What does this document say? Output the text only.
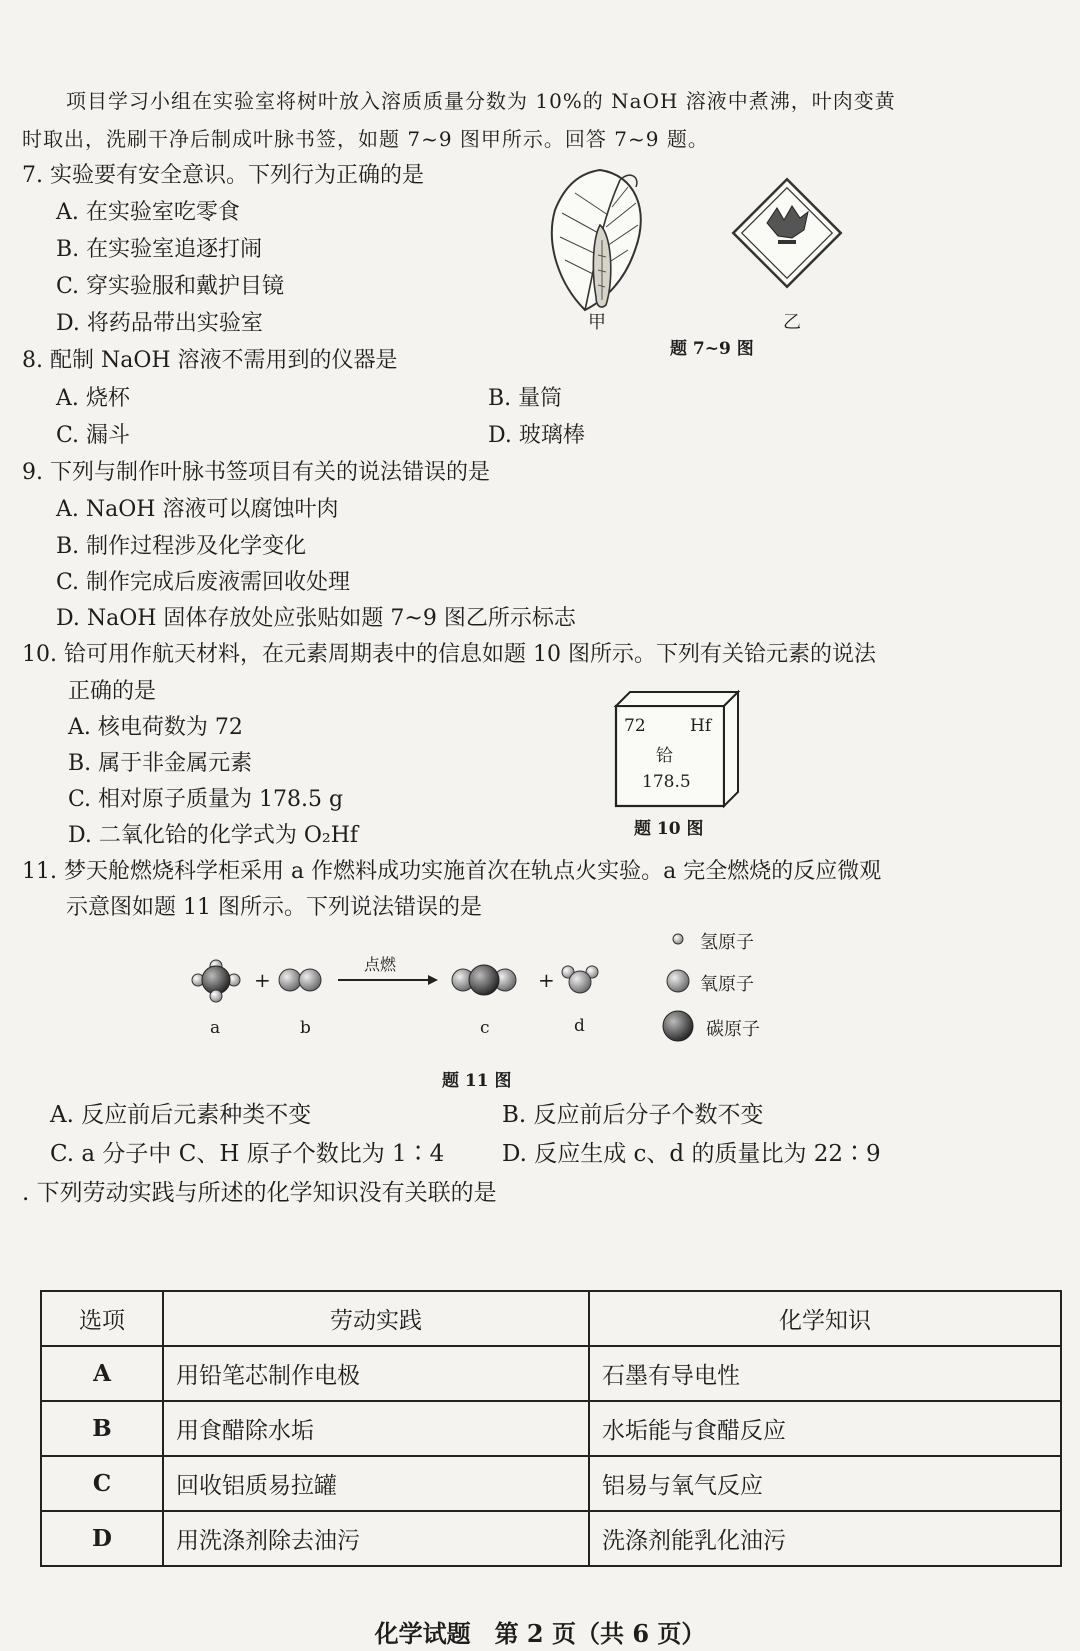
项目学习小组在实验室将树叶放入溶质质量分数为 10%的 NaOH 溶液中煮沸，叶肉变黄
时取出，洗刷干净后制成叶脉书签，如题 7~9 图甲所示。回答 7~9 题。
7. 实验要有安全意识。下列行为正确的是
A. 在实验室吃零食
B. 在实验室追逐打闹
C. 穿实验服和戴护目镜
D. 将药品带出实验室	甲	乙
题 7~9 图
8. 配制 NaOH 溶液不需用到的仪器是
A. 烧杯	B. 量筒
C. 漏斗	D. 玻璃棒
9. 下列与制作叶脉书签项目有关的说法错误的是
A. NaOH 溶液可以腐蚀叶肉
B. 制作过程涉及化学变化
C. 制作完成后废液需回收处理
D. NaOH 固体存放处应张贴如题 7~9 图乙所示标志
10. 铪可用作航天材料，在元素周期表中的信息如题 10 图所示。下列有关铪元素的说法
正确的是
A. 核电荷数为 72
B. 属于非金属元素
C. 相对原子质量为 178.5 g
D. 二氧化铪的化学式为 O₂Hf
72	Hf
铪
178.5
题 10 图
11. 梦天舱燃烧科学柜采用 a 作燃料成功实施首次在轨点火实验。a 完全燃烧的反应微观
示意图如题 11 图所示。下列说法错误的是
+	+
点燃
a	b	c	d
氢原子
氧原子
碳原子
题 11 图
A. 反应前后元素种类不变	B. 反应前后分子个数不变
C. a 分子中 C、H 原子个数比为 1∶4	D. 反应生成 c、d 的质量比为 22∶9
. 下列劳动实践与所述的化学知识没有关联的是
选项	劳动实践	化学知识
A	用铅笔芯制作电极	石墨有导电性
B	用食醋除水垢	水垢能与食醋反应
C	回收铝质易拉罐	铝易与氧气反应
D	用洗涤剂除去油污	洗涤剂能乳化油污
化学试题　第 2 页（共 6 页）
